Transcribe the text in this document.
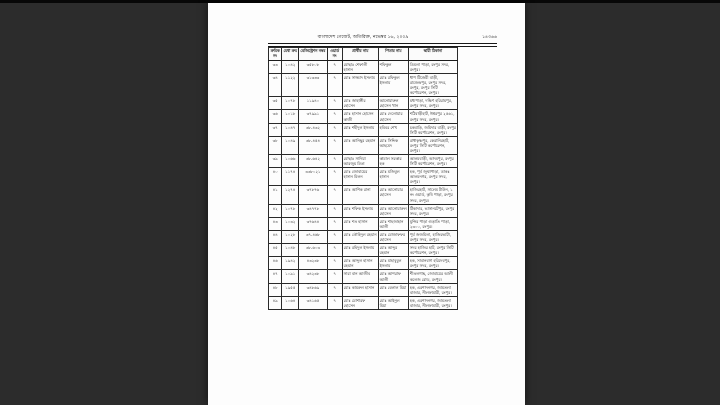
বাংলাদেশ গেজেট, অতিরিক্ত, নভেম্বর ১৬, ২০০৯	১৪৩৬৬
ক্রমিক নং	মেধা ক্রম	রেজিস্ট্রেশন নম্বর	ওয়ার্ড নং	প্রার্থীর নাম	পিতার নাম	স্থায়ী ঠিকানা
৩৩	১০৪২	৩৫৮০৮	৭	মোছাঃ শেফালী হাসান	শফিকুল	ডিমলা পাড়া, রংপুর সদর, রংপুর।
৩৪	১১২২	৩১৩৩৩	৭	মোঃ সাজ্জাদ ইসলাম	মোঃ রফিকুল ইসলাম	ধাপ টিজেমী বাড়ী, রাজেন্দ্রপুর, রংপুর সদর, রংপুর, রংপুর সিটি কর্পোরেশন, রংপুর।
৩৫	১০৭৮	১১৯৪০	৭	মোঃ জাহাঙ্গীর হোসেন	আনোয়ারুল হোসেন খান	মধ্যপাড়া, দক্ষিণ হরিরামপুর, রংপুর সদর, রংপুর।
৩৬	১০১৮	৩৭৯৯১	৭	মোঃ হাসান হোসেন কাজী	মোঃ দেলোয়ার হোসেন	শঠিবাড়ীহাট, ঈশ্বরপুর ২৫৬১, রংপুর সদর, রংপুর।
৩৭	১০৪৭	৩৮-৪৩২	৭	মোঃ শহীদুল ইসলাম	হবিবর শেখ	চকবাড়ি, জমিদার বাড়ী, রংপুর সিটি কর্পোরেশন, রংপুর।
৩৮	১০৪৯	৩৮-৪৫৪	৭	মোঃ আনিছুর রহমান	মোঃ সিদ্দিক আহমেদ	রাধাকৃষ্ণপুর, কেরানিরহাট, রংপুর সিটি কর্পোরেশন, রংপুর।
৩৯	১০৬৬	৩৮-৬৪২	৭	মোছাঃ সাদিয়া আরজুম মিতা	কামাল সরকার হক	আলমবাড়ী, আদমপুর, রংপুর সিটি কর্পোরেশন, রংপুর।
৪০	১১৭৪	৩৩৮০২১	৭	মোঃ জোবায়ের হাসান মিলন	মোঃ মজিবুল হাসান	হক, পূর্ব জুম্মাপাড়া, ডাকঃ আলমনগর, রংপুর সদর, রংপুর।
৪১	১২৭৪	৩৭৮৭৬	৭	মোঃ আশিক রানা	মোঃ আনোয়ার হোসেন	হাজিরহাট, সালেম টাউন, ১ নং ওয়ার্ড, কৃষি পাড়া, রংপুর সদর, রংপুর।
৪২	১০৭৮	৩৪৭৭৮	৭	মোঃ শফিক ইসলাম	মোঃ আনোয়ারুল হোসেন	টিকাদার, ভাসানটেপুর, রংপুর সদর, রংপুর।
৪৩	১০৩২	৩৭৬৪৪	৭	মোঃ শত হাসান	মোঃ শাহজাহান আলী	মুন্সির পাড়া গুড়াতি পাড়া, ২৩০০, রংপুর।
৪৪	১০২৮	৩৭-৪৬৮	৭	মোঃ তৌহিদুল রহমান	মোঃ মোজাফফর হোসেন	পূর্ব জজমিলা, হাজিরভাটা, রংপুর সদর, রংপুর।
৪৫	১০৪৮	৩৮-৬০৩	৭	মোঃ রহিদুল ইসলাম	মোঃ আব্দুর রহমান	সদর হাজির হাট, রংপুর সিটি কর্পোরেশন, রংপুর।
৪৬	১৯৪২	৪৩২৩৮	৭	মোঃ আব্দুল হাসান রহমান	মোঃ মাহাবুবুল ইসলাম	হক, সাবানবাগ হরিদেবপুর, রংপুর সদর, রংপুর।
৪৭	১০৯১	৩৪২৩৮	৭	সারা বান আজীব	মোঃ আশরাফ আলী	শীতলগাছ, জোবায়ের আলী কলেজ রোড, রংপুর।
৪৮	১৯৫৫	৩৪৮৬৯	৭	মোঃ কামরুল হাসান	মোঃ বেলাল মিয়া	হক, এরশাদনগর, জামতলা বাজার, নীলফামারী, রংপুর।
৪৯	১০৬৪	৩৪১৬৫	৭	মোঃ মোশারফ হোসেন	মোঃ আইনুল মিয়া	হক, এরশাদনগর, জামতলা বাজার, নীলফামারী, রংপুর।
